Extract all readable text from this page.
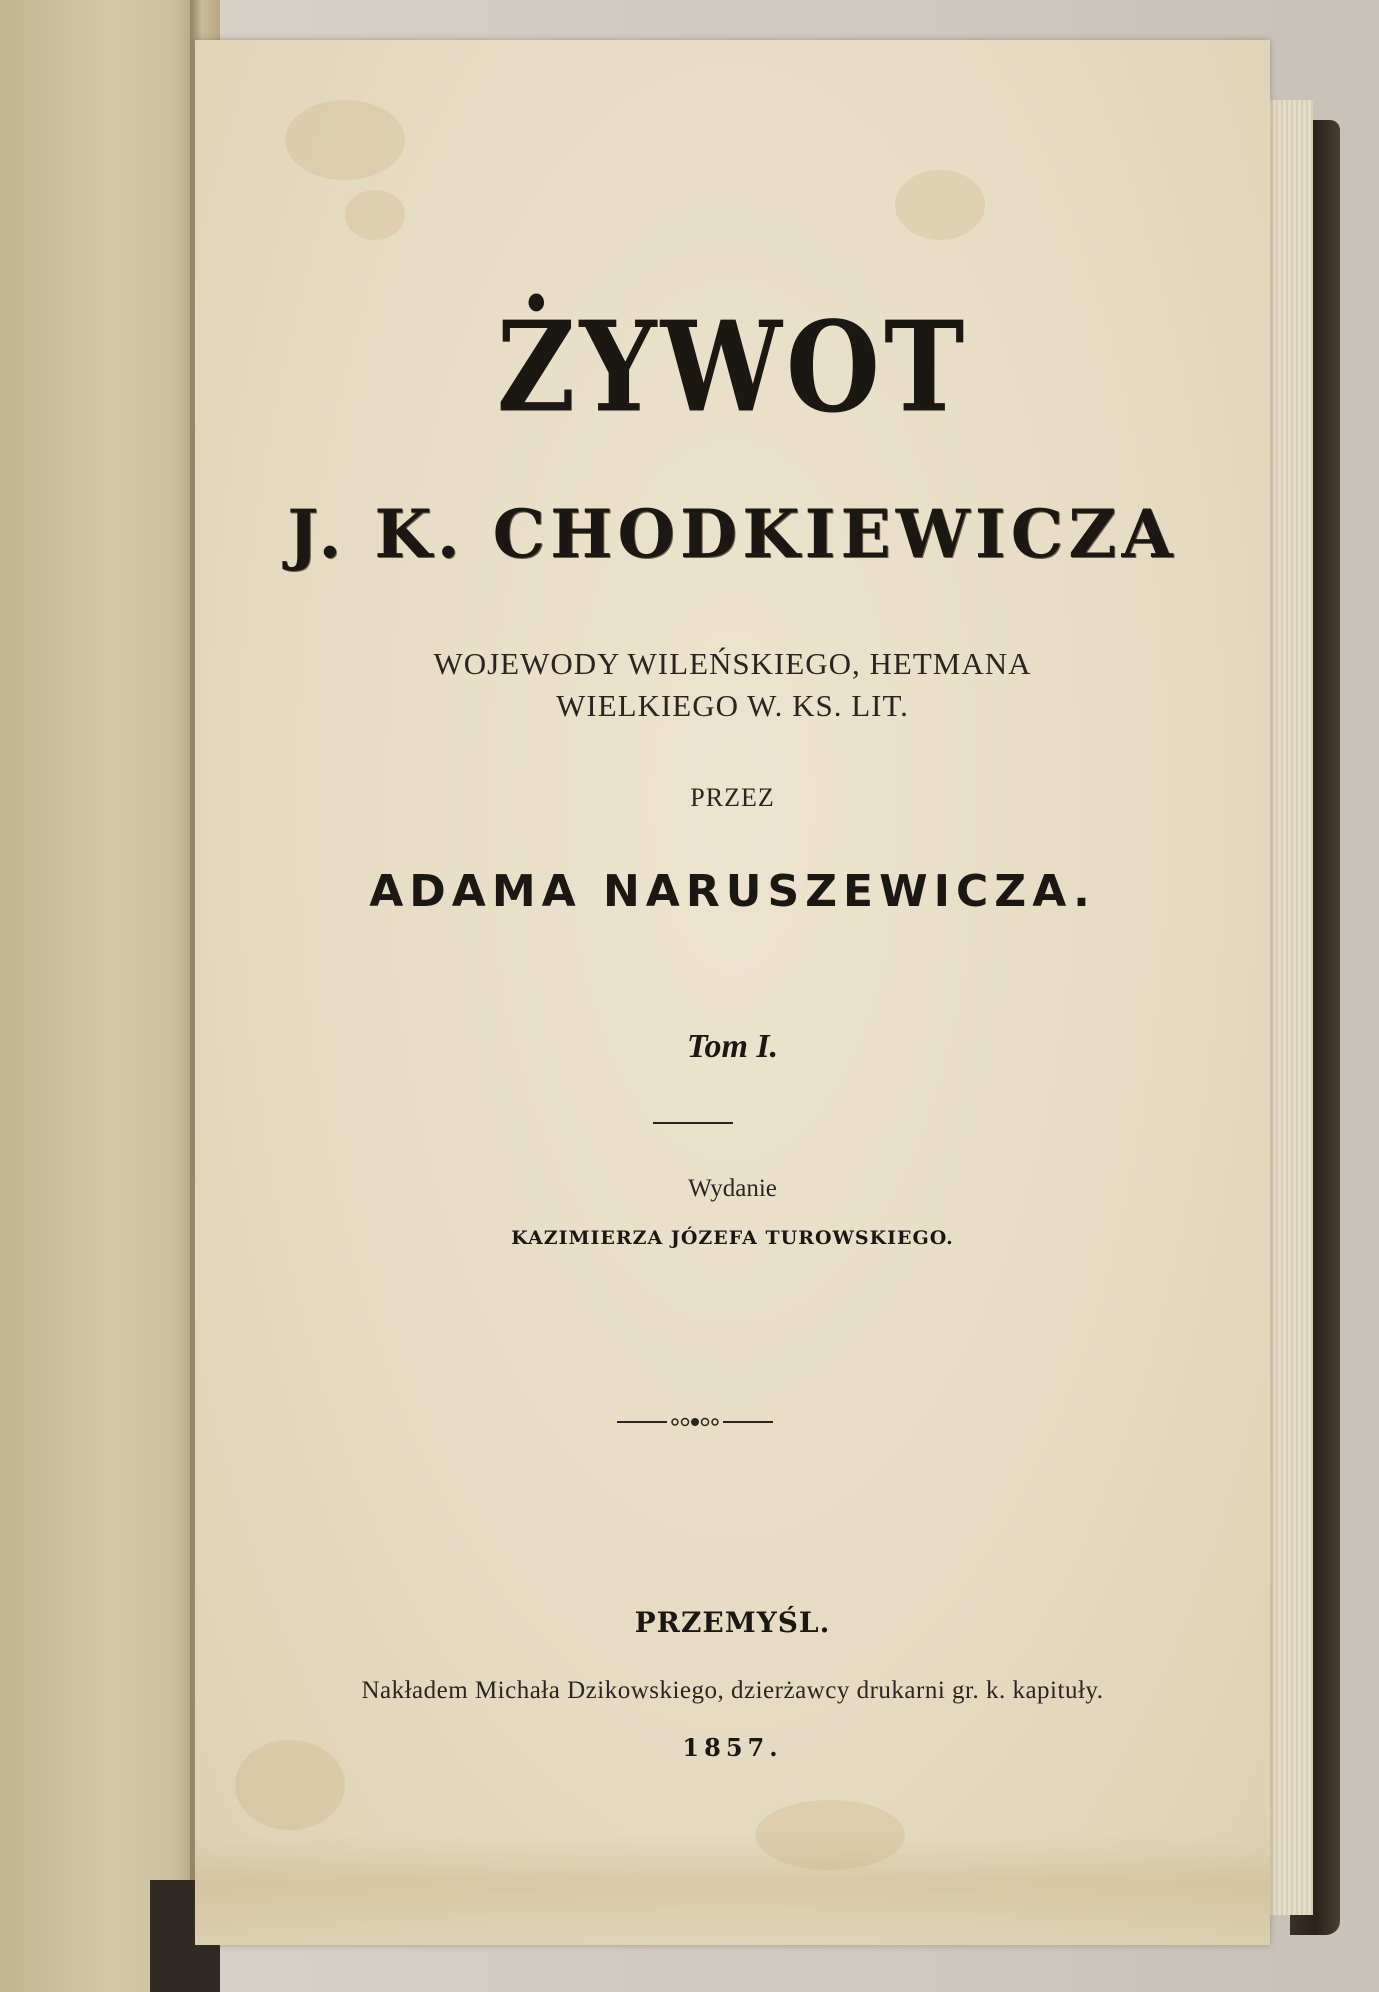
ŻYWOT
J. K. CHODKIEWICZA
WOJEWODY WILEŃSKIEGO, HETMANA
WIELKIEGO W. KS. LIT.
PRZEZ
ADAMA NARUSZEWICZA.
Tom I.
Wydanie
KAZIMIERZA JÓZEFA TUROWSKIEGO.
PRZEMYŚL.
Nakładem Michała Dzikowskiego, dzierżawcy drukarni gr. k. kapituły.
1857.
